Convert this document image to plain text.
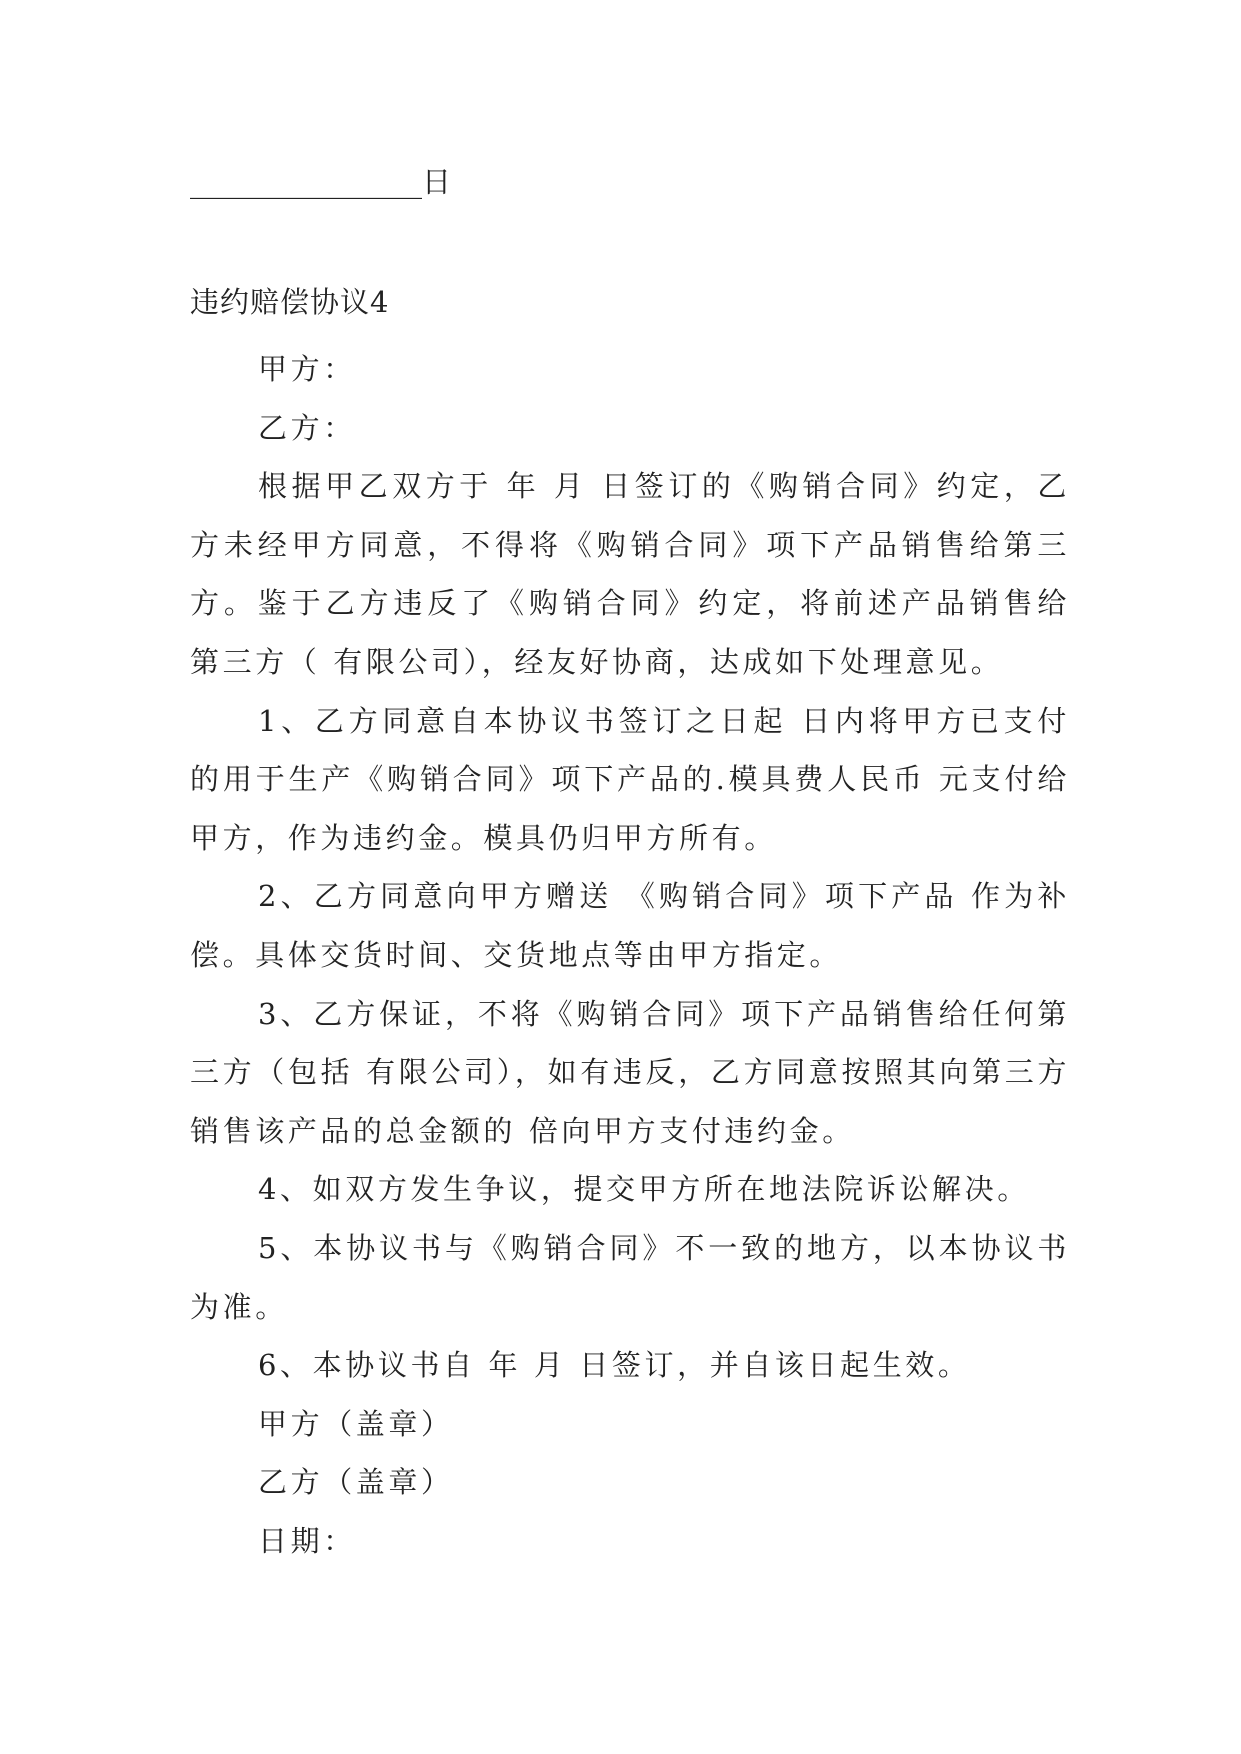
________________日
违约赔偿协议4

甲方：

乙方：

根据甲乙双方于 年 月 日签订的《购销合同》约定，乙方未经甲方同意，不得将《购销合同》项下产品销售给第三方。鉴于乙方违反了《购销合同》约定，将前述产品销售给第三方（ 有限公司），经友好协商，达成如下处理意见。

1、乙方同意自本协议书签订之日起 日内将甲方已支付的用于生产《购销合同》项下产品的.模具费人民币 元支付给甲方，作为违约金。模具仍归甲方所有。

2、乙方同意向甲方赠送 《购销合同》项下产品 作为补偿。具体交货时间、交货地点等由甲方指定。

3、乙方保证，不将《购销合同》项下产品销售给任何第三方（包括 有限公司），如有违反，乙方同意按照其向第三方销售该产品的总金额的 倍向甲方支付违约金。

4、如双方发生争议，提交甲方所在地法院诉讼解决。

5、本协议书与《购销合同》不一致的地方，以本协议书为准。

6、本协议书自 年 月 日签订，并自该日起生效。

甲方（盖章）

乙方（盖章）

日期：
